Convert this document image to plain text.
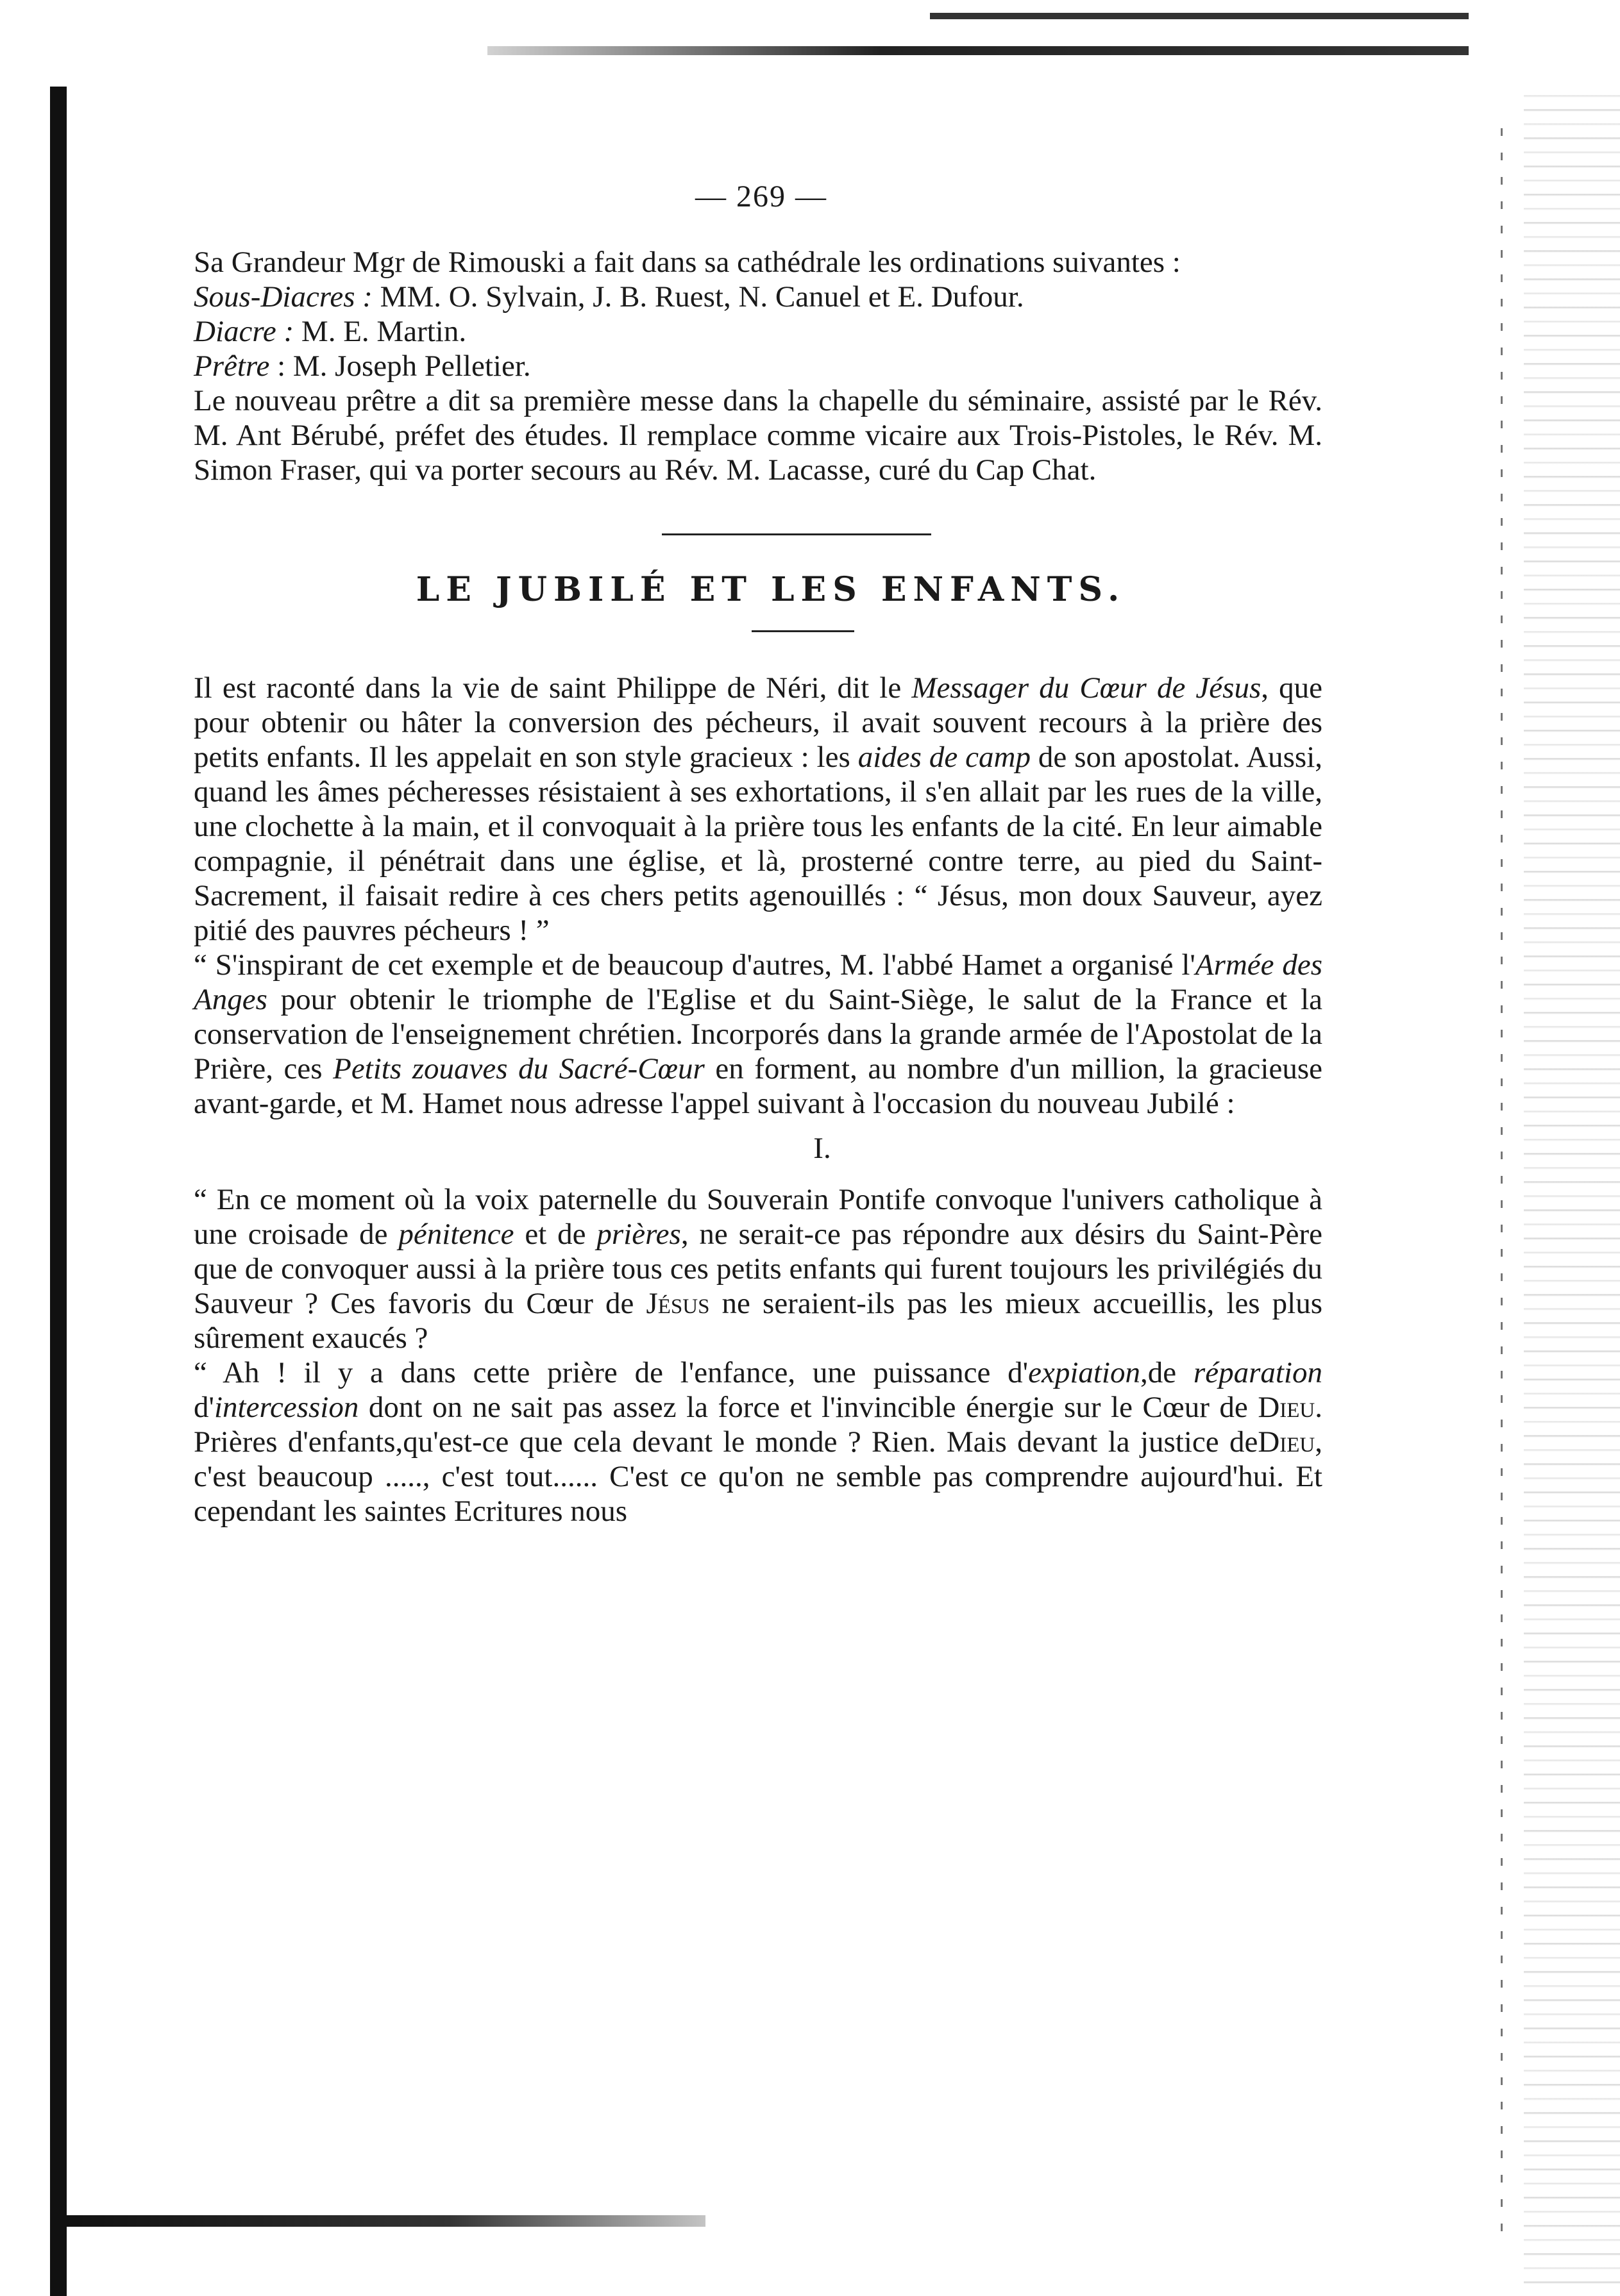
— 269 —

Sa Grandeur Mgr de Rimouski a fait dans sa cathédrale les ordinations suivantes :

Sous-Diacres : MM. O. Sylvain, J. B. Ruest, N. Canuel et E. Dufour.

Diacre : M. E. Martin.

Prêtre : M. Joseph Pelletier.

Le nouveau prêtre a dit sa première messe dans la chapelle du séminaire, assisté par le Rév. M. Ant Bérubé, préfet des études. Il remplace comme vicaire aux Trois-Pistoles, le Rév. M. Simon Fraser, qui va porter secours au Rév. M. Lacasse, curé du Cap Chat.

LE JUBILÉ ET LES ENFANTS.

Il est raconté dans la vie de saint Philippe de Néri, dit le Messager du Cœur de Jésus, que pour obtenir ou hâter la conversion des pécheurs, il avait souvent recours à la prière des petits enfants. Il les appelait en son style gracieux : les aides de camp de son apostolat. Aussi, quand les âmes pécheresses résistaient à ses exhortations, il s'en allait par les rues de la ville, une clochette à la main, et il convoquait à la prière tous les enfants de la cité. En leur aimable compagnie, il pénétrait dans une église, et là, prosterné contre terre, au pied du Saint-Sacrement, il faisait redire à ces chers petits agenouillés : “ Jésus, mon doux Sauveur, ayez pitié des pauvres pécheurs ! ”

“ S'inspirant de cet exemple et de beaucoup d'autres, M. l'abbé Hamet a organisé l'Armée des Anges pour obtenir le triomphe de l'Eglise et du Saint-Siège, le salut de la France et la conservation de l'enseignement chrétien. Incorporés dans la grande armée de l'Apostolat de la Prière, ces Petits zouaves du Sacré-Cœur en forment, au nombre d'un million, la gracieuse avant-garde, et M. Hamet nous adresse l'appel suivant à l'occasion du nouveau Jubilé :

I.

“ En ce moment où la voix paternelle du Souverain Pontife convoque l'univers catholique à une croisade de pénitence et de prières, ne serait-ce pas répondre aux désirs du Saint-Père que de convoquer aussi à la prière tous ces petits enfants qui furent toujours les privilégiés du Sauveur ? Ces favoris du Cœur de Jésus ne seraient-ils pas les mieux accueillis, les plus sûrement exaucés ?

“ Ah ! il y a dans cette prière de l'enfance, une puissance d'expiation,de réparation d'intercession dont on ne sait pas assez la force et l'invincible énergie sur le Cœur de Dieu. Prières d'enfants,qu'est-ce que cela devant le monde ? Rien. Mais devant la justice deDieu, c'est beaucoup ....., c'est tout...... C'est ce qu'on ne semble pas comprendre aujourd'hui. Et cependant les saintes Ecritures nous
